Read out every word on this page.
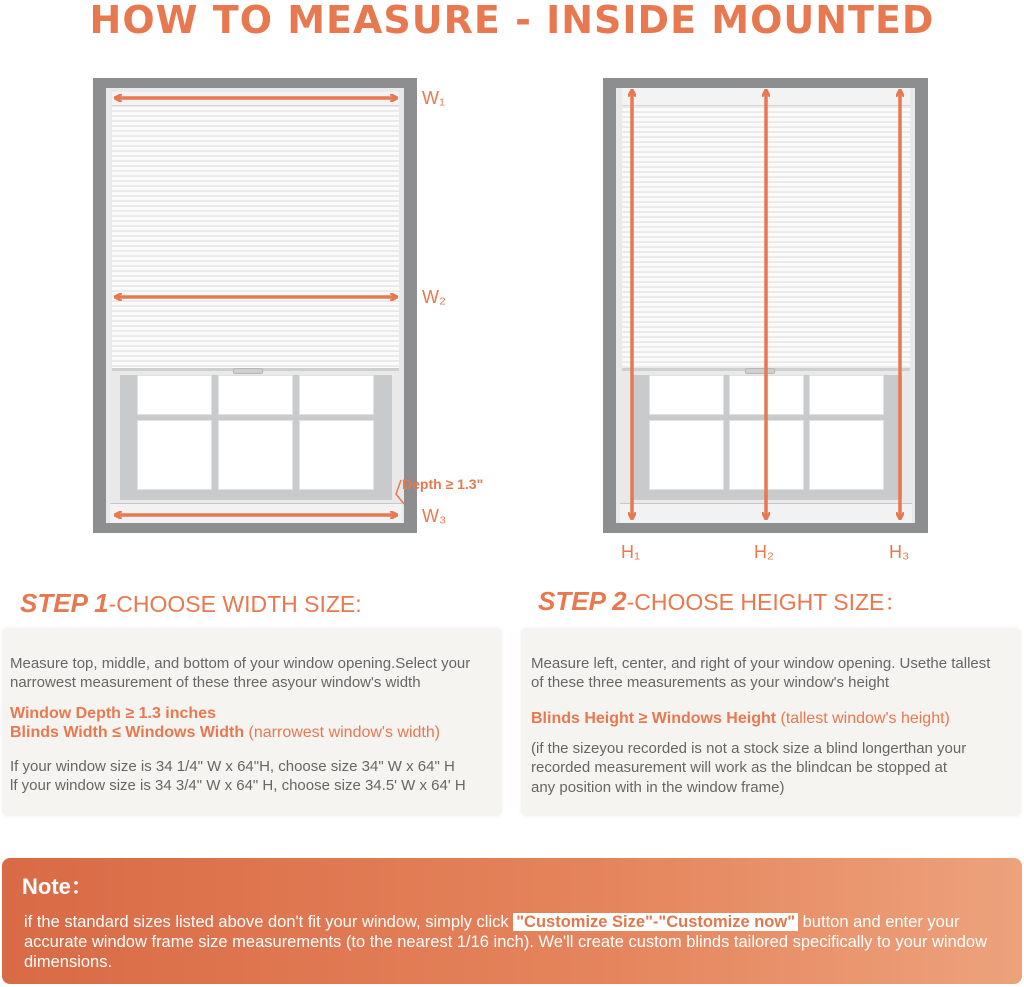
HOW TO MEASURE - INSIDE MOUNTED
W₁
W₂
W₃
Depth ≥ 1.3"
H₁	H₂	H₃
STEP 1-CHOOSE WIDTH SIZE:

Measure top, middle, and bottom of your window opening.Select your

narrowest measurement of these three asyour window's width

Window Depth ≥ 1.3 inches

Blinds Width ≤ Windows Width (narrowest window's width)

If your window size is 34 1/4" W x 64"H, choose size 34" W x 64" H

lf your window size is 34 3/4" W x 64" H, choose size 34.5' W x 64' H

STEP 2-CHOOSE HEIGHT SIZE：

Measure left, center, and right of your window opening. Usethe tallest

of these three measurements as your window's height

Blinds Height ≥ Windows Height (tallest window's height)

(if the sizeyou recorded is not a stock size a blind longerthan your

recorded measurement will work as the blindcan be stopped at

any position with in the window frame)

Note：
if the standard sizes listed above don't fit your window, simply click "Customize Size"-"Customize now" button and enter your accurate window frame size measurements (to the nearest 1/16 inch). We'll create custom blinds tailored specifically to your window dimensions.
